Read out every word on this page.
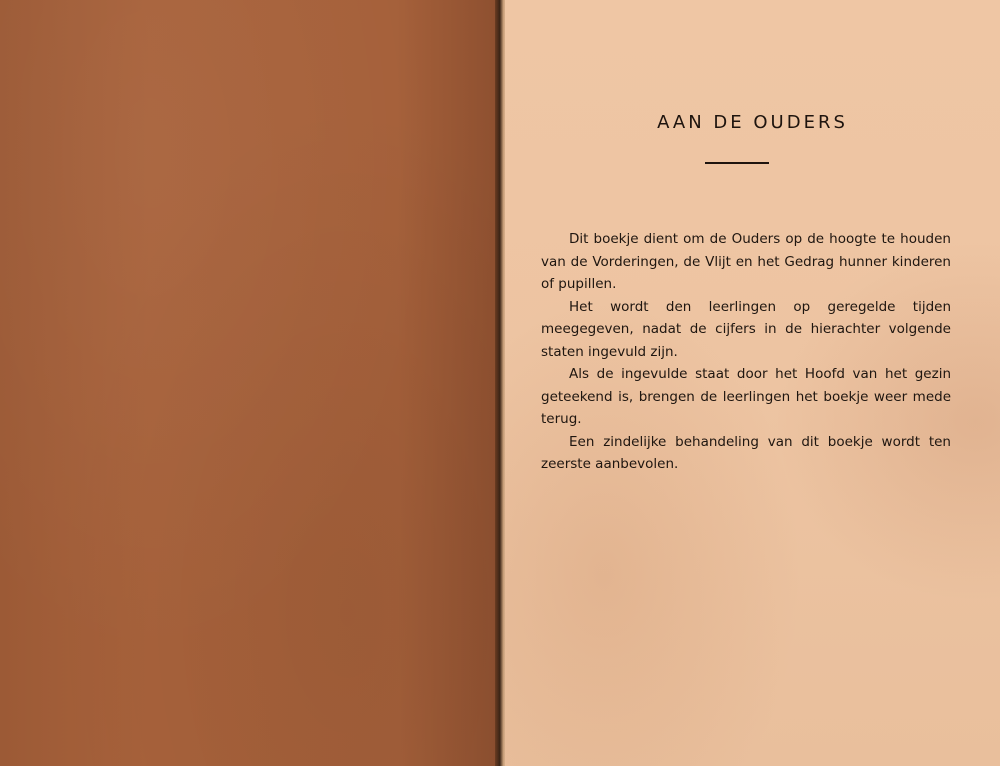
AAN DE OUDERS

Dit boekje dient om de Ouders op de hoogte te houden van de Vorderingen, de Vlijt en het Gedrag hunner kinderen of pupillen.

Het wordt den leerlingen op geregelde tijden meegegeven, nadat de cijfers in de hierachter volgende staten ingevuld zijn.

Als de ingevulde staat door het Hoofd van het gezin geteekend is, brengen de leerlingen het boekje weer mede terug.

Een zindelijke behandeling van dit boekje wordt ten zeerste aanbevolen.
